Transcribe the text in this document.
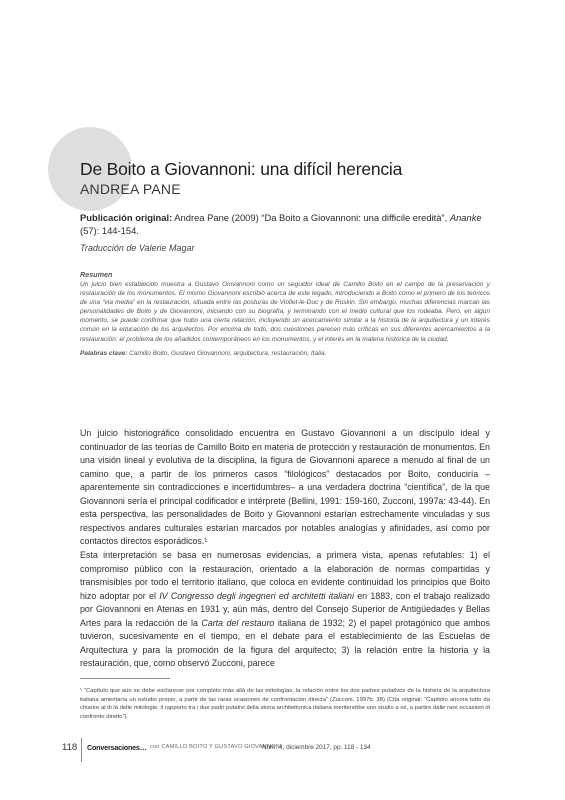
De Boito a Giovannoni: una difícil herencia
ANDREA PANE
Publicación original: Andrea Pane (2009) “Da Boito a Giovannoni: una difficile eredità”, Ananke (57): 144-154.
Traducción de Valerie Magar
Resumen
Un juicio bien establecido muestra a Gustavo Giovannoni como un seguidor ideal de Camillo Boito en el campo de la preservación y restauración de los monumentos. El mismo Giovannoni escribió acerca de este legado, introduciendo a Boito como el primero de los teóricos de una “vía media” en la restauración, situada entre las posturas de Viollet-le-Duc y de Ruskin. Sin embargo, muchas diferencias marcan las personalidades de Boito y de Giovannoni, iniciando con su biografía, y terminando con el medio cultural que los rodeaba. Pero, en algún momento, se puede confirmar que hubo una cierta relación, incluyendo un acercamiento similar a la historia de la arquitectura y un interés común en la educación de los arquitectos. Por encima de todo, dos cuestiones parecen más críticas en sus diferentes acercamientos a la restauración: el problema de los añadidos contemporáneos en los monumentos, y el interés en la materia histórica de la ciudad.
Palabras clave: Camillo Boito, Gustavo Giovannoni, arquitectura, restauración, Italia.
Un juicio historiográfico consolidado encuentra en Gustavo Giovannoni a un discípulo ideal y continuador de las teorías de Camillo Boito en materia de protección y restauración de monumentos. En una visión lineal y evolutiva de la disciplina, la figura de Giovannoni aparece a menudo al final de un camino que, a partir de los primeros casos “filológicos” destacados por Boito, conduciría –aparentemente sin contradicciones e incertidumbres– a una verdadera doctrina “científica”, de la que Giovannoni sería el principal codificador e intérprete (Bellini, 1991: 159-160, Zucconi, 1997a: 43-44). En esta perspectiva, las personalidades de Boito y Giovannoni estarían estrechamente vinculadas y sus respectivos andares culturales estarían marcados por notables analogías y afinidades, así como por contactos directos esporádicos.¹
Esta interpretación se basa en numerosas evidencias, a primera vista, apenas refutables: 1) el compromiso público con la restauración, orientado a la elaboración de normas compartidas y transmisibles por todo el territorio italiano, que coloca en evidente continuidad los principios que Boito hizo adoptar por el IV Congresso degli ingegneri ed architetti italiani en 1883, con el trabajo realizado por Giovannoni en Atenas en 1931 y, aún más, dentro del Consejo Superior de Antigüedades y Bellas Artes para la redacción de la Carta del restauro italiana de 1932; 2) el papel protagónico que ambos tuvieron, sucesivamente en el tiempo, en el debate para el establecimiento de las Escuelas de Arquitectura y para la promoción de la figura del arquitecto; 3) la relación entre la historia y la restauración, que, como observó Zucconi, parece
¹ “Capítulo que aún se debe esclarecer por completo más allá de las mitologías, la relación entre los dos padres putativos de la historia de la arquitectura italiana ameritaría un estudio propio, a partir de las raras ocasiones de confrontación directa” (Zucconi, 1997b: 38) (Cita original: “Capitolo ancora tutto da chiarire al di là delle mitologie, il rapporto tra i due padri putativi della storia architettonica italiana meriterebbe uno studio a sé, a partire dalle rare occasioni di confronto diretto”).
118 Conversaciones… con CAMILLO BOITO Y GUSTAVO GIOVANNONI
Núm. 4, diciembre 2017, pp. 118 - 134
